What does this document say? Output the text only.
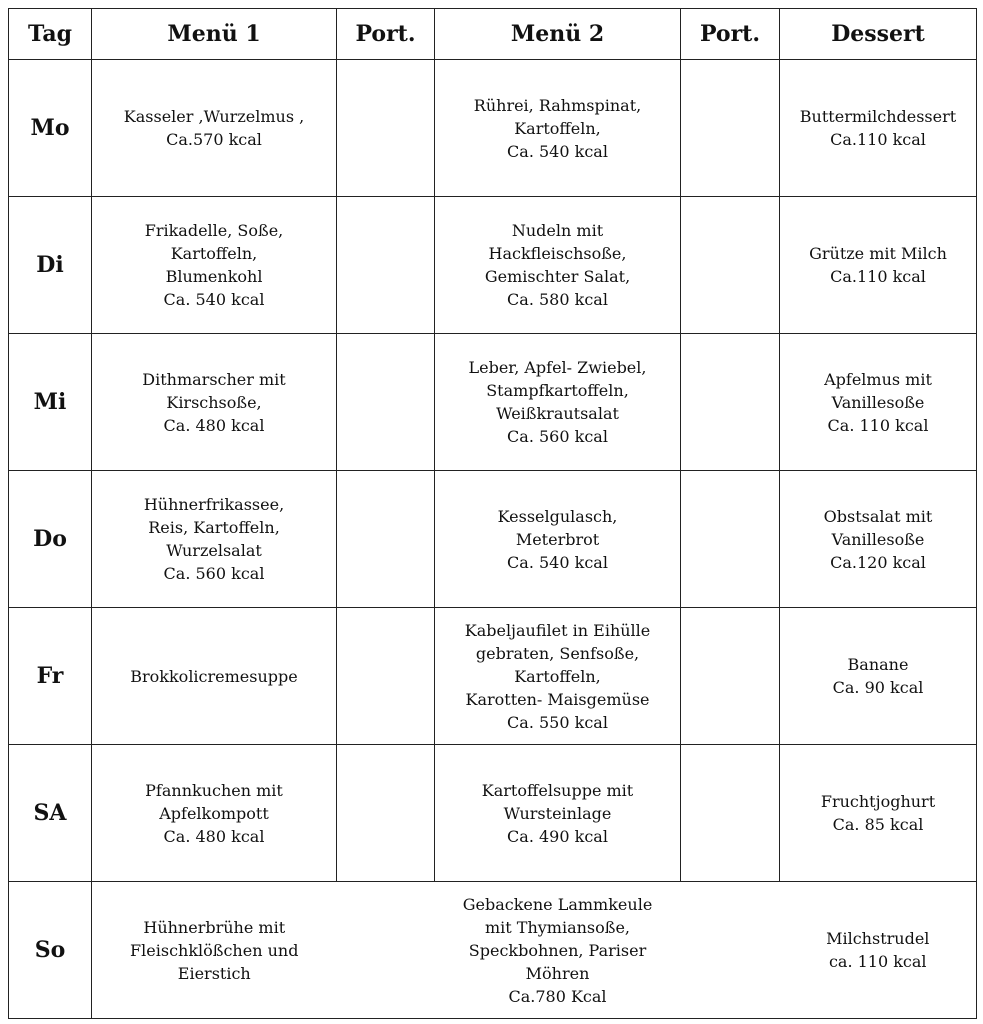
Tag	Menü 1	Port.	Menü 2	Port.	Dessert
Mo	Kasseler ,Wurzelmus ,
Ca.570 kcal		Rührei, Rahmspinat,
Kartoffeln,
Ca. 540 kcal		Buttermilchdessert
Ca.110 kcal

Di	Frikadelle, Soße,
Kartoffeln,
Blumenkohl
Ca. 540 kcal		Nudeln mit
Hackfleischsoße,
Gemischter Salat,
Ca. 580 kcal		Grütze mit Milch
Ca.110 kcal

Mi	Dithmarscher mit
Kirschsoße,
Ca. 480 kcal		Leber, Apfel- Zwiebel,
Stampfkartoffeln,
Weißkrautsalat
Ca. 560 kcal		Apfelmus mit
Vanillesoße
Ca. 110 kcal

Do	Hühnerfrikassee,
Reis, Kartoffeln,
Wurzelsalat
Ca. 560 kcal		Kesselgulasch,
Meterbrot
Ca. 540 kcal		Obstsalat mit
Vanillesoße
Ca.120 kcal

Fr	Brokkolicremesuppe		Kabeljaufilet in Eihülle
gebraten, Senfsoße,
Kartoffeln,
Karotten- Maisgemüse
Ca. 550 kcal		Banane
Ca. 90 kcal

SA	Pfannkuchen mit
Apfelkompott
Ca. 480 kcal		Kartoffelsuppe mit
Wursteinlage
Ca. 490 kcal		Fruchtjoghurt
Ca. 85 kcal

So	Hühnerbrühe mit
Fleischklößchen und
Eierstich		Gebackene Lammkeule
mit Thymiansoße,
Speckbohnen, Pariser
Möhren
Ca.780 Kcal		Milchstrudel
ca. 110 kcal
